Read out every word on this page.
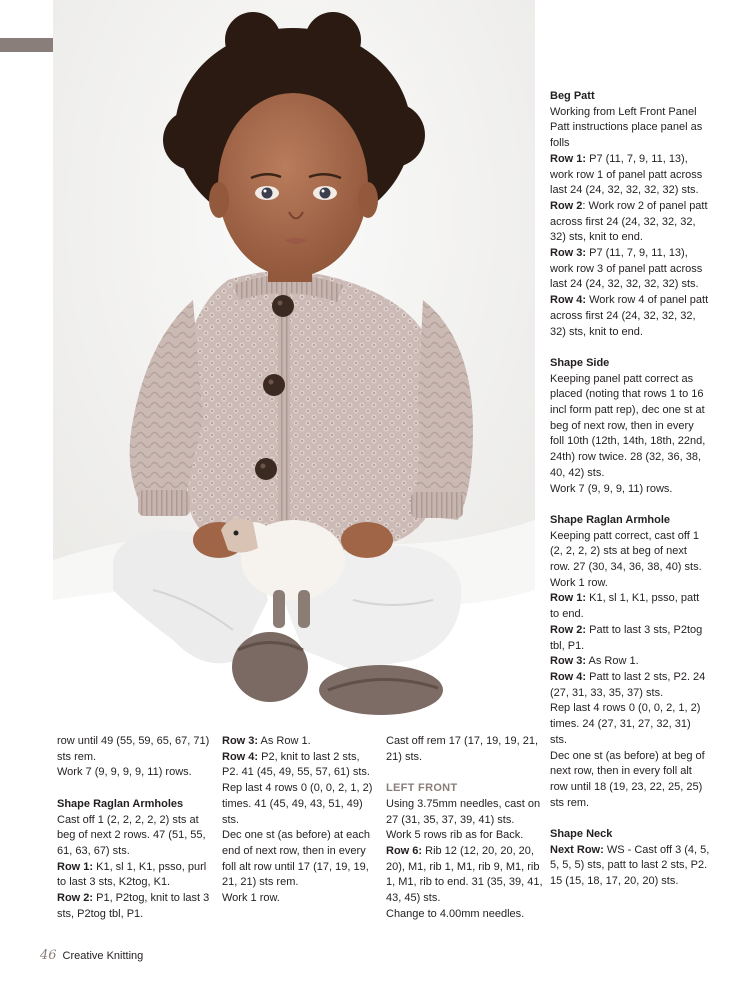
row until 49 (55, 59, 65, 67, 71) sts rem.

Work 7 (9, 9, 9, 9, 11) rows.

Shape Raglan Armholes

Cast off 1 (2, 2, 2, 2, 2) sts at beg of next 2 rows. 47 (51, 55, 61, 63, 67) sts.

Row 1: K1, sl 1, K1, psso, purl to last 3 sts, K2tog, K1.

Row 2: P1, P2tog, knit to last 3 sts, P2tog tbl, P1.

Row 3: As Row 1.

Row 4: P2, knit to last 2 sts, P2. 41 (45, 49, 55, 57, 61) sts.

Rep last 4 rows 0 (0, 0, 2, 1, 2) times. 41 (45, 49, 43, 51, 49) sts.

Dec one st (as before) at each end of next row, then in every foll alt row until 17 (17, 19, 19, 21, 21) sts rem.

Work 1 row.

Cast off rem 17 (17, 19, 19, 21, 21) sts.

LEFT FRONT

Using 3.75mm needles, cast on 27 (31, 35, 37, 39, 41) sts.

Work 5 rows rib as for Back.

Row 6: Rib 12 (12, 20, 20, 20, 20), M1, rib 1, M1, rib 9, M1, rib 1, M1, rib to end. 31 (35, 39, 41, 43, 45) sts.

Change to 4.00mm needles.

Beg Patt

Working from Left Front Panel Patt instructions place panel as folls

Row 1: P7 (11, 7, 9, 11, 13), work row 1 of panel patt across last 24 (24, 32, 32, 32, 32) sts.

Row 2: Work row 2 of panel patt across first 24 (24, 32, 32, 32, 32) sts, knit to end.

Row 3: P7 (11, 7, 9, 11, 13), work row 3 of panel patt across last 24 (24, 32, 32, 32, 32) sts.

Row 4: Work row 4 of panel patt across first 24 (24, 32, 32, 32, 32) sts, knit to end.

Shape Side

Keeping panel patt correct as placed (noting that rows 1 to 16 incl form patt rep), dec one st at beg of next row, then in every foll 10th (12th, 14th, 18th, 22nd, 24th) row twice. 28 (32, 36, 38, 40, 42) sts.

Work 7 (9, 9, 9, 11) rows.

Shape Raglan Armhole

Keeping patt correct, cast off 1 (2, 2, 2, 2) sts at beg of next row. 27 (30, 34, 36, 38, 40) sts.

Work 1 row.

Row 1: K1, sl 1, K1, psso, patt to end.

Row 2: Patt to last 3 sts, P2tog tbl, P1.

Row 3: As Row 1.

Row 4: Patt to last 2 sts, P2. 24 (27, 31, 33, 35, 37) sts.

Rep last 4 rows 0 (0, 0, 2, 1, 2) times. 24 (27, 31, 27, 32, 31) sts.

Dec one st (as before) at beg of next row, then in every foll alt row until 18 (19, 23, 22, 25, 25) sts rem.

Shape Neck

Next Row: WS - Cast off 3 (4, 5, 5, 5, 5) sts, patt to last 2 sts, P2. 15 (15, 18, 17, 20, 20) sts.

46 Creative Knitting
